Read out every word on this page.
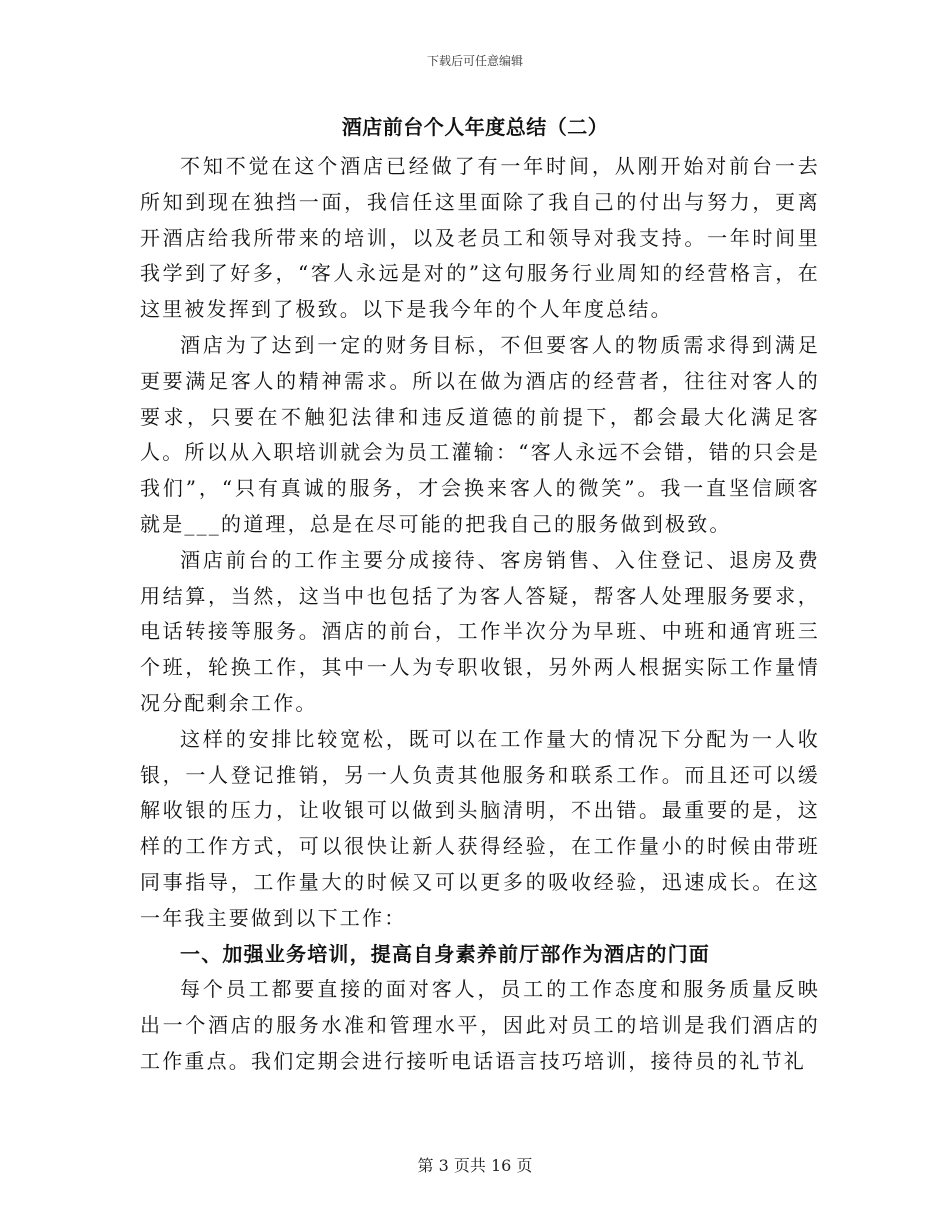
下载后可任意编辑
酒店前台个人年度总结（二）

不知不觉在这个酒店已经做了有一年时间，从刚开始对前台一去所知到现在独挡一面，我信任这里面除了我自己的付出与努力，更离开酒店给我所带来的培训，以及老员工和领导对我支持。一年时间里我学到了好多，“客人永远是对的”这句服务行业周知的经营格言，在这里被发挥到了极致。以下是我今年的个人年度总结。

酒店为了达到一定的财务目标，不但要客人的物质需求得到满足更要满足客人的精神需求。所以在做为酒店的经营者，往往对客人的要求，只要在不触犯法律和违反道德的前提下，都会最大化满足客人。所以从入职培训就会为员工灌输：“客人永远不会错，错的只会是我们”，“只有真诚的服务，才会换来客人的微笑”。我一直坚信顾客就是___的道理，总是在尽可能的把我自己的服务做到极致。

酒店前台的工作主要分成接待、客房销售、入住登记、退房及费用结算，当然，这当中也包括了为客人答疑，帮客人处理服务要求，电话转接等服务。酒店的前台，工作半次分为早班、中班和通宵班三个班，轮换工作，其中一人为专职收银，另外两人根据实际工作量情况分配剩余工作。

这样的安排比较宽松，既可以在工作量大的情况下分配为一人收银，一人登记推销，另一人负责其他服务和联系工作。而且还可以缓解收银的压力，让收银可以做到头脑清明，不出错。最重要的是，这样的工作方式，可以很快让新人获得经验，在工作量小的时候由带班同事指导，工作量大的时候又可以更多的吸收经验，迅速成长。在这一年我主要做到以下工作：

一、加强业务培训，提高自身素养前厅部作为酒店的门面

每个员工都要直接的面对客人，员工的工作态度和服务质量反映出一个酒店的服务水准和管理水平，因此对员工的培训是我们酒店的工作重点。我们定期会进行接听电话语言技巧培训，接待员的礼节礼

第 3 页共 16 页
